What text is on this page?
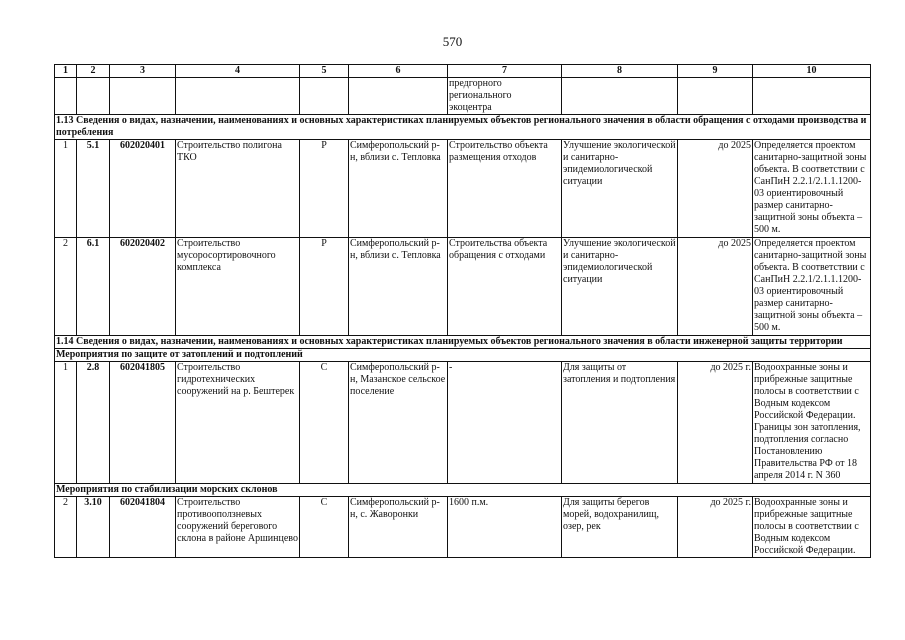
570
1	2	3	4	5	6	7	8	9	10
						предгорного
регионального
экоцентра			
1.13 Сведения о видах, назначении, наименованиях и основных характеристиках планируемых объектов регионального значения в области обращения с отходами производства и потребления									
1	5.1	602020401	Строительство полигона ТКО	Р	Симферопольский р-н, вблизи с. Тепловка	Строительство объекта размещения отходов	Улучшение экологической и санитарно-эпидемиологической ситуации	до 2025	Определяется проектом санитарно-защитной зоны объекта. В соответствии с СанПиН 2.2.1/2.1.1.1200-03 ориентировочный размер санитарно-защитной зоны объекта – 500 м.
2	6.1	602020402	Строительство мусоросортировочного комплекса	Р	Симферопольский р-н, вблизи с. Тепловка	Строительства объекта обращения с отходами	Улучшение экологической и санитарно-эпидемиологической ситуации	до 2025	Определяется проектом санитарно-защитной зоны объекта. В соответствии с СанПиН 2.2.1/2.1.1.1200-03 ориентировочный размер санитарно-защитной зоны объекта – 500 м.
1.14 Сведения о видах, назначении, наименованиях и основных характеристиках планируемых объектов регионального значения в области инженерной защиты территории									
Мероприятия по защите от затоплений и подтоплений									
1	2.8	602041805	Строительство гидротехнических сооружений на р. Бештерек	С	Симферопольский р-н, Мазанское сельское поселение	-	Для защиты от затопления и подтопления	до 2025 г.	Водоохранные зоны и прибрежные защитные полосы в соответствии с Водным кодексом Российской Федерации. Границы зон затопления, подтопления согласно Постановлению Правительства РФ от 18 апреля 2014 г. N 360
Мероприятия по стабилизации морских склонов									
2	3.10	602041804	Строительство противооползневых сооружений берегового склона в районе Аршинцево	С	Симферопольский р-н, с. Жаворонки	1600 п.м.	Для защиты берегов морей, водохранилищ, озер, рек	до 2025 г.	Водоохранные зоны и прибрежные защитные полосы в соответствии с Водным кодексом Российской Федерации.
